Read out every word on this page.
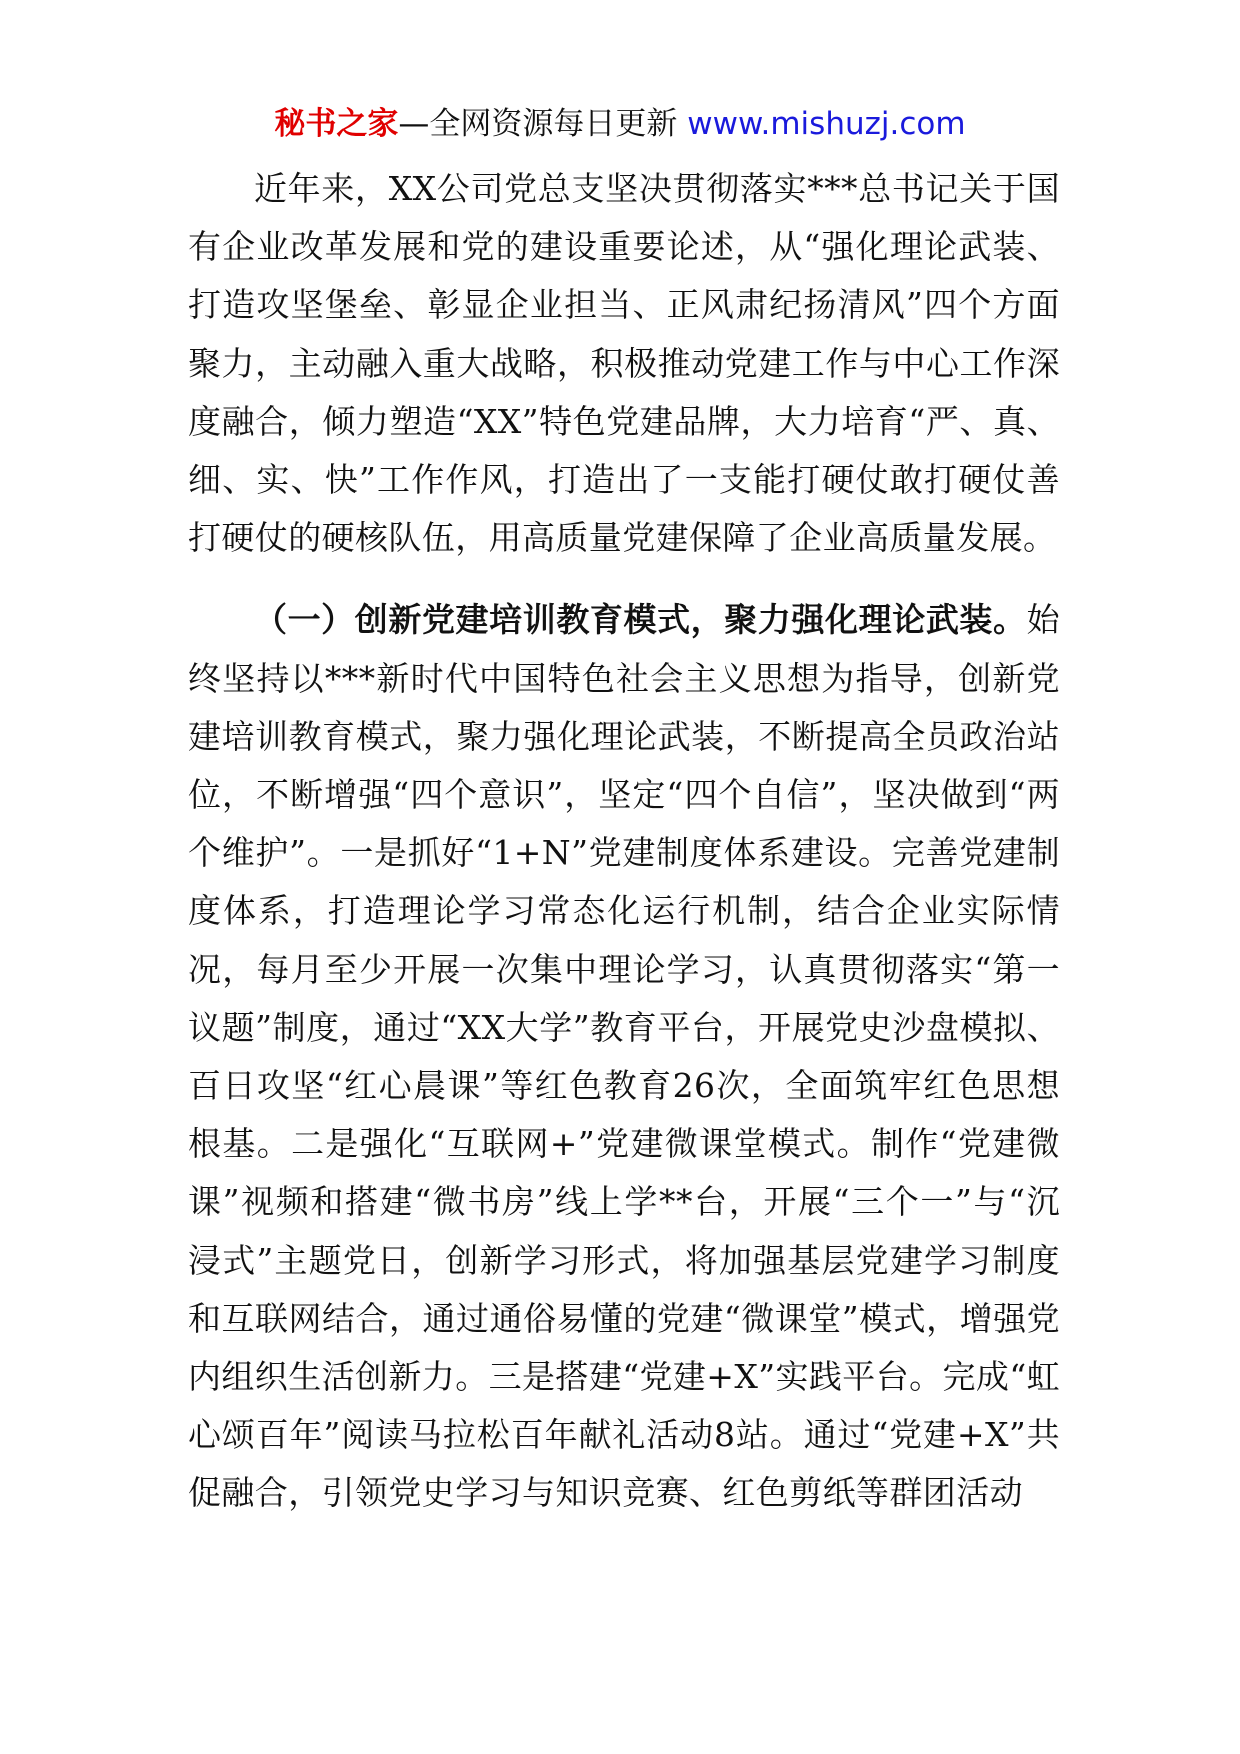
秘书之家—全网资源每日更新 www.mishuzj.com

近年来，XX公司党总支坚决贯彻落实***总书记关于国有企业改革发展和党的建设重要论述，从“强化理论武装、打造攻坚堡垒、彰显企业担当、正风肃纪扬清风”四个方面聚力，主动融入重大战略，积极推动党建工作与中心工作深度融合，倾力塑造“XX”特色党建品牌，大力培育“严、真、细、实、快”工作作风，打造出了一支能打硬仗敢打硬仗善打硬仗的硬核队伍，用高质量党建保障了企业高质量发展。

（一）创新党建培训教育模式，聚力强化理论武装。始终坚持以***新时代中国特色社会主义思想为指导，创新党建培训教育模式，聚力强化理论武装，不断提高全员政治站位，不断增强“四个意识”，坚定“四个自信”，坚决做到“两个维护”。一是抓好“1+N”党建制度体系建设。完善党建制度体系，打造理论学习常态化运行机制，结合企业实际情况，每月至少开展一次集中理论学习，认真贯彻落实“第一议题”制度，通过“XX大学”教育平台，开展党史沙盘模拟、百日攻坚“红心晨课”等红色教育26次，全面筑牢红色思想根基。二是强化“互联网+”党建微课堂模式。制作“党建微课”视频和搭建“微书房”线上学**台，开展“三个一”与“沉浸式”主题党日，创新学习形式，将加强基层党建学习制度和互联网结合，通过通俗易懂的党建“微课堂”模式，增强党内组织生活创新力。三是搭建“党建+X”实践平台。完成“虹心颂百年”阅读马拉松百年献礼活动8站。通过“党建+X”共促融合，引领党史学习与知识竞赛、红色剪纸等群团活动
